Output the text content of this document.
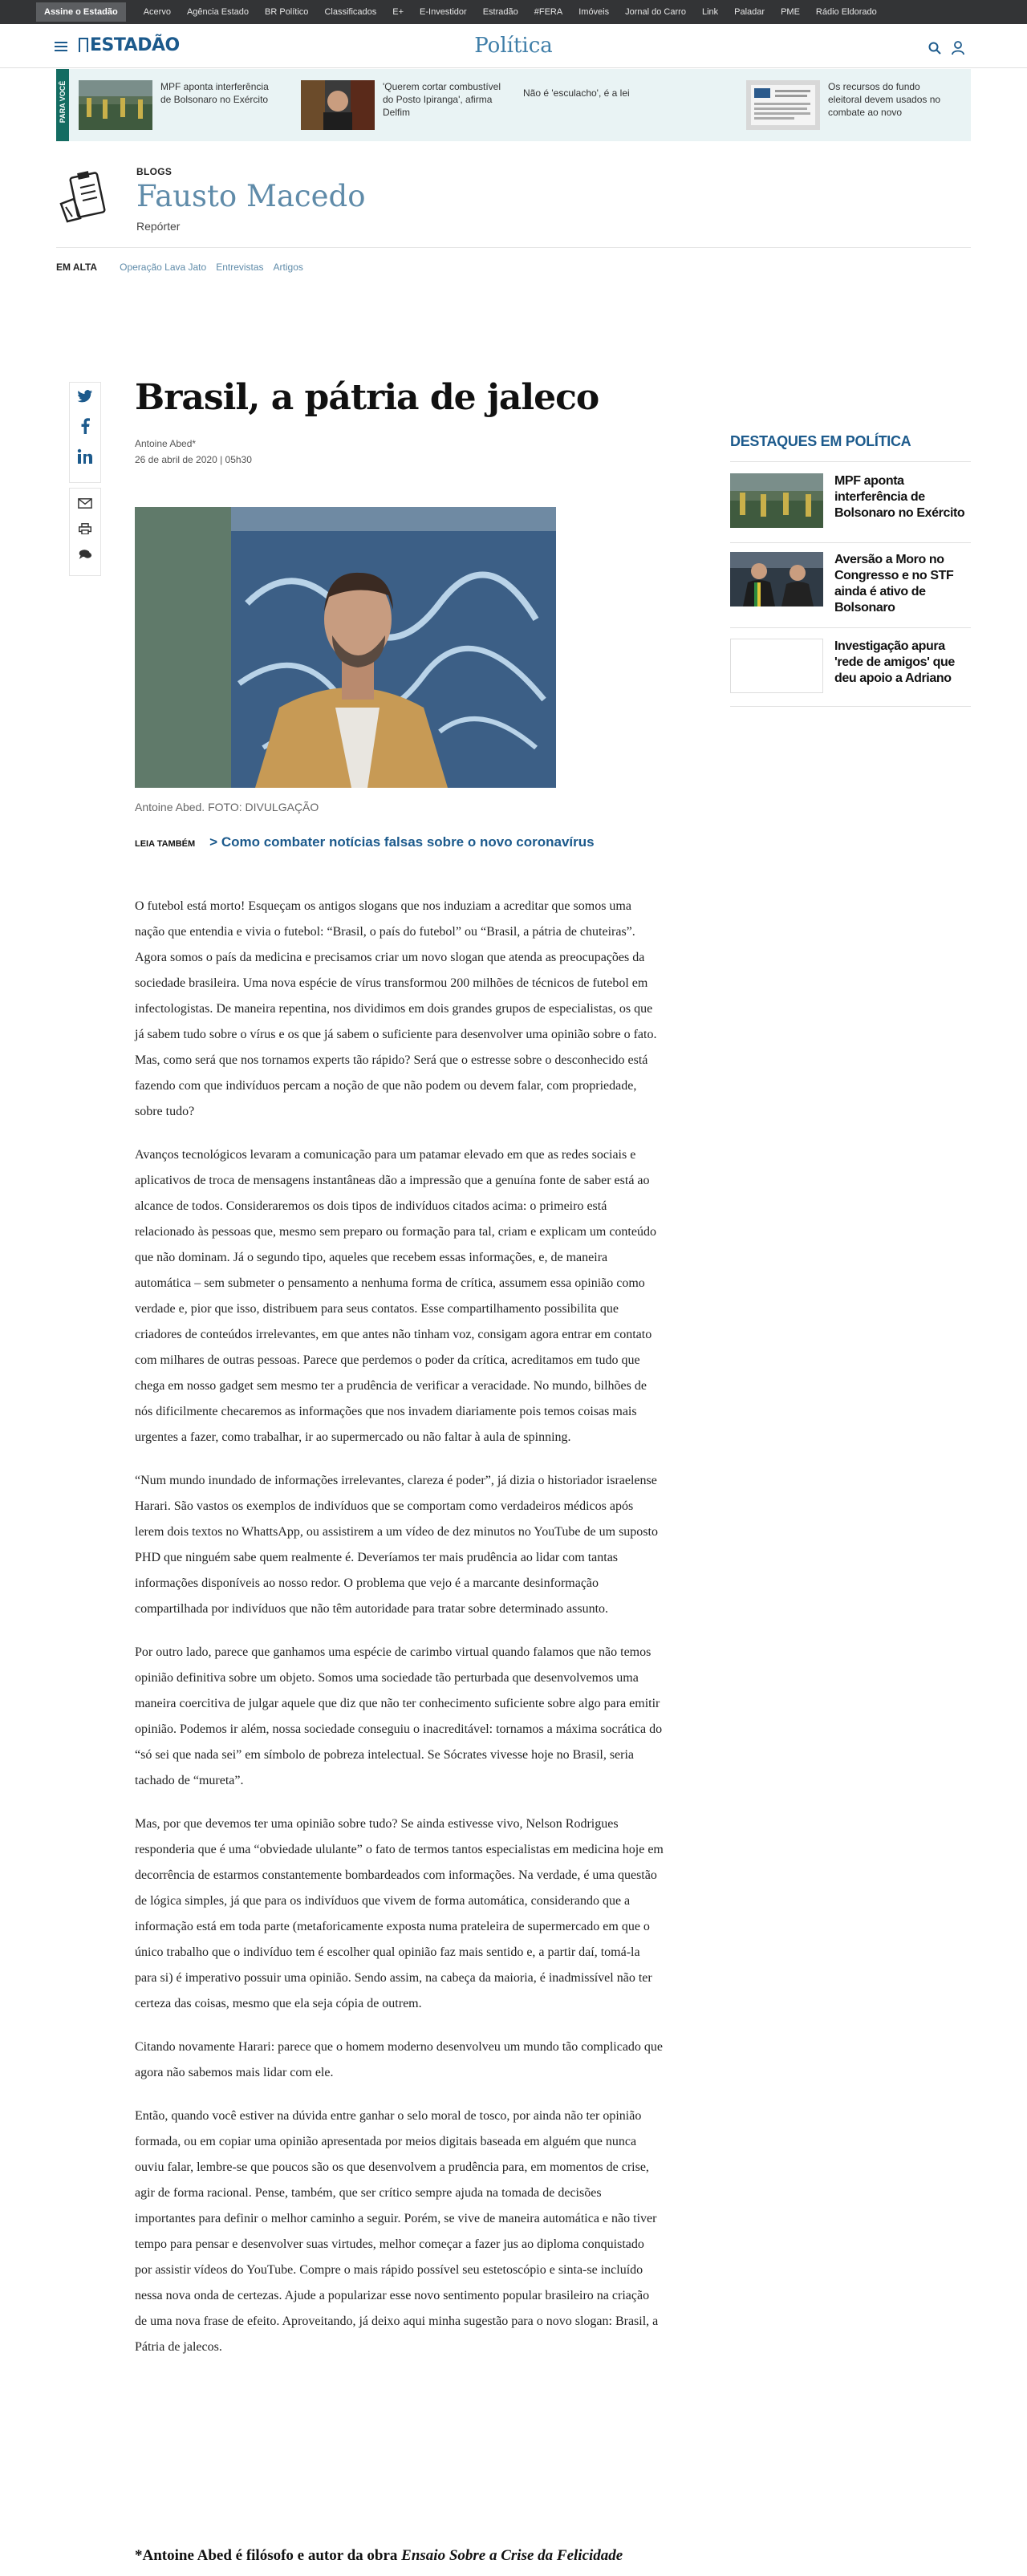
Assine o Estadão	Acervo	Agência Estado	BR Político	Classificados	E+	E-Investidor	Estradão	#FERA	Imóveis	Jornal do Carro	Link	Paladar	PME	Rádio Eldorado
ESTADÃO	Política
PARA VOCÊ	MPF aponta interferência de Bolsonaro no Exército
'Querem cortar combustível do Posto Ipiranga', afirma Delfim
Não é 'esculacho', é a lei
Os recursos do fundo eleitoral devem usados no combate ao novo
BLOGS
Fausto Macedo
Repórter
EM ALTA Operação Lava Jato Entrevistas Artigos
Brasil, a pátria de jaleco
Antoine Abed*
26 de abril de 2020 | 05h30
Antoine Abed. FOTO: DIVULGAÇÃO
LEIA TAMBÉM > Como combater notícias falsas sobre o novo coronavírus

O futebol está morto! Esqueçam os antigos slogans que nos induziam a acreditar que somos uma nação que entendia e vivia o futebol: “Brasil, o país do futebol” ou “Brasil, a pátria de chuteiras”. Agora somos o país da medicina e precisamos criar um novo slogan que atenda as preocupações da sociedade brasileira. Uma nova espécie de vírus transformou 200 milhões de técnicos de futebol em infectologistas. De maneira repentina, nos dividimos em dois grandes grupos de especialistas, os que já sabem tudo sobre o vírus e os que já sabem o suficiente para desenvolver uma opinião sobre o fato. Mas, como será que nos tornamos experts tão rápido? Será que o estresse sobre o desconhecido está fazendo com que indivíduos percam a noção de que não podem ou devem falar, com propriedade, sobre tudo?

Avanços tecnológicos levaram a comunicação para um patamar elevado em que as redes sociais e aplicativos de troca de mensagens instantâneas dão a impressão que a genuína fonte de saber está ao alcance de todos. Consideraremos os dois tipos de indivíduos citados acima: o primeiro está relacionado às pessoas que, mesmo sem preparo ou formação para tal, criam e explicam um conteúdo que não dominam. Já o segundo tipo, aqueles que recebem essas informações, e, de maneira automática – sem submeter o pensamento a nenhuma forma de crítica, assumem essa opinião como verdade e, pior que isso, distribuem para seus contatos. Esse compartilhamento possibilita que criadores de conteúdos irrelevantes, em que antes não tinham voz, consigam agora entrar em contato com milhares de outras pessoas. Parece que perdemos o poder da crítica, acreditamos em tudo que chega em nosso gadget sem mesmo ter a prudência de verificar a veracidade. No mundo, bilhões de nós dificilmente checaremos as informações que nos invadem diariamente pois temos coisas mais urgentes a fazer, como trabalhar, ir ao supermercado ou não faltar à aula de spinning.

“Num mundo inundado de informações irrelevantes, clareza é poder”, já dizia o historiador israelense Harari. São vastos os exemplos de indivíduos que se comportam como verdadeiros médicos após lerem dois textos no WhattsApp, ou assistirem a um vídeo de dez minutos no YouTube de um suposto PHD que ninguém sabe quem realmente é. Deveríamos ter mais prudência ao lidar com tantas informações disponíveis ao nosso redor. O problema que vejo é a marcante desinformação compartilhada por indivíduos que não têm autoridade para tratar sobre determinado assunto.

Por outro lado, parece que ganhamos uma espécie de carimbo virtual quando falamos que não temos opinião definitiva sobre um objeto. Somos uma sociedade tão perturbada que desenvolvemos uma maneira coercitiva de julgar aquele que diz que não ter conhecimento suficiente sobre algo para emitir opinião. Podemos ir além, nossa sociedade conseguiu o inacreditável: tornamos a máxima socrática do “só sei que nada sei” em símbolo de pobreza intelectual. Se Sócrates vivesse hoje no Brasil, seria tachado de “mureta”.

Mas, por que devemos ter uma opinião sobre tudo? Se ainda estivesse vivo, Nelson Rodrigues responderia que é uma “obviedade ululante” o fato de termos tantos especialistas em medicina hoje em decorrência de estarmos constantemente bombardeados com informações. Na verdade, é uma questão de lógica simples, já que para os indivíduos que vivem de forma automática, considerando que a informação está em toda parte (metaforicamente exposta numa prateleira de supermercado em que o único trabalho que o indivíduo tem é escolher qual opinião faz mais sentido e, a partir daí, tomá-la para si) é imperativo possuir uma opinião. Sendo assim, na cabeça da maioria, é inadmissível não ter certeza das coisas, mesmo que ela seja cópia de outrem.

Citando novamente Harari: parece que o homem moderno desenvolveu um mundo tão complicado que agora não sabemos mais lidar com ele.

Então, quando você estiver na dúvida entre ganhar o selo moral de tosco, por ainda não ter opinião formada, ou em copiar uma opinião apresentada por meios digitais baseada em alguém que nunca ouviu falar, lembre-se que poucos são os que desenvolvem a prudência para, em momentos de crise, agir de forma racional. Pense, também, que ser crítico sempre ajuda na tomada de decisões importantes para definir o melhor caminho a seguir. Porém, se vive de maneira automática e não tiver tempo para pensar e desenvolver suas virtudes, melhor começar a fazer jus ao diploma conquistado por assistir vídeos do YouTube. Compre o mais rápido possível seu estetoscópio e sinta-se incluído nessa nova onda de certezas. Ajude a popularizar esse novo sentimento popular brasileiro na criação de uma nova frase de efeito. Aproveitando, já deixo aqui minha sugestão para o novo slogan: Brasil, a Pátria de jalecos.

*Antoine Abed é filósofo e autor da obra Ensaio Sobre a Crise da Felicidade
DESTAQUES EM POLÍTICA
MPF aponta interferência de Bolsonaro no Exército
Aversão a Moro no Congresso e no STF ainda é ativo de Bolsonaro
Investigação apura 'rede de amigos' que deu apoio a Adriano
